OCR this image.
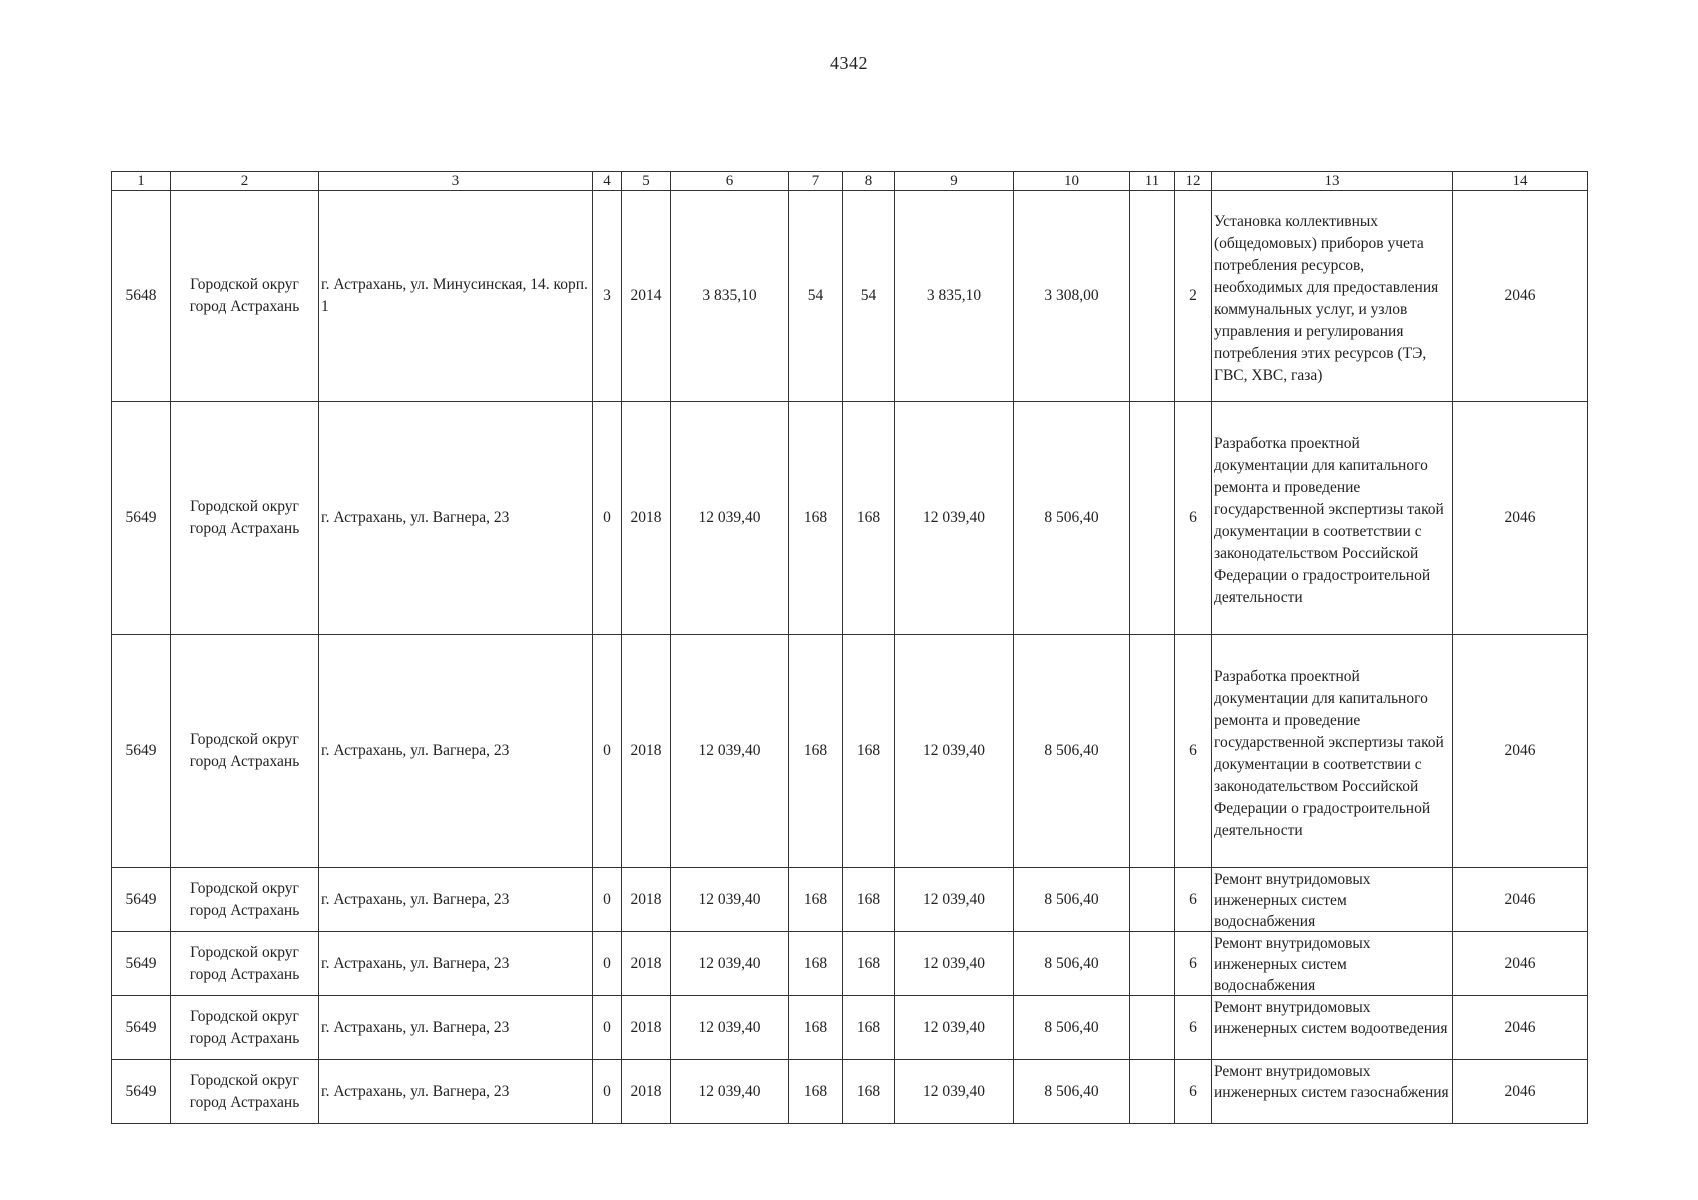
4342
1	2	3	4	5	6	7	8	9	10	11	12	13	14
5648	Городской округ город Астрахань	г. Астрахань, ул. Минусинская, 14. корп. 1	3	2014	3 835,10	54	54	3 835,10	3 308,00		2	Установка коллективных (общедомовых) приборов учета потребления ресурсов, необходимых для предоставления коммунальных услуг, и узлов управления и регулирования потребления этих ресурсов (ТЭ, ГВС, ХВС, газа)	2046
5649	Городской округ город Астрахань	г. Астрахань, ул. Вагнера, 23	0	2018	12 039,40	168	168	12 039,40	8 506,40		6	Разработка проектной документации для капитального ремонта и проведение государственной экспертизы такой документации в соответствии с законодательством Российской Федерации о градостроительной деятельности	2046
5649	Городской округ город Астрахань	г. Астрахань, ул. Вагнера, 23	0	2018	12 039,40	168	168	12 039,40	8 506,40		6	Разработка проектной документации для капитального ремонта и проведение государственной экспертизы такой документации в соответствии с законодательством Российской Федерации о градостроительной деятельности	2046
5649	Городской округ город Астрахань	г. Астрахань, ул. Вагнера, 23	0	2018	12 039,40	168	168	12 039,40	8 506,40		6	Ремонт внутридомовых инженерных систем водоснабжения	2046
5649	Городской округ город Астрахань	г. Астрахань, ул. Вагнера, 23	0	2018	12 039,40	168	168	12 039,40	8 506,40		6	Ремонт внутридомовых инженерных систем водоснабжения	2046
5649	Городской округ город Астрахань	г. Астрахань, ул. Вагнера, 23	0	2018	12 039,40	168	168	12 039,40	8 506,40		6	Ремонт внутридомовых инженерных систем водоотведения	2046
5649	Городской округ город Астрахань	г. Астрахань, ул. Вагнера, 23	0	2018	12 039,40	168	168	12 039,40	8 506,40		6	Ремонт внутридомовых инженерных систем газоснабжения	2046
